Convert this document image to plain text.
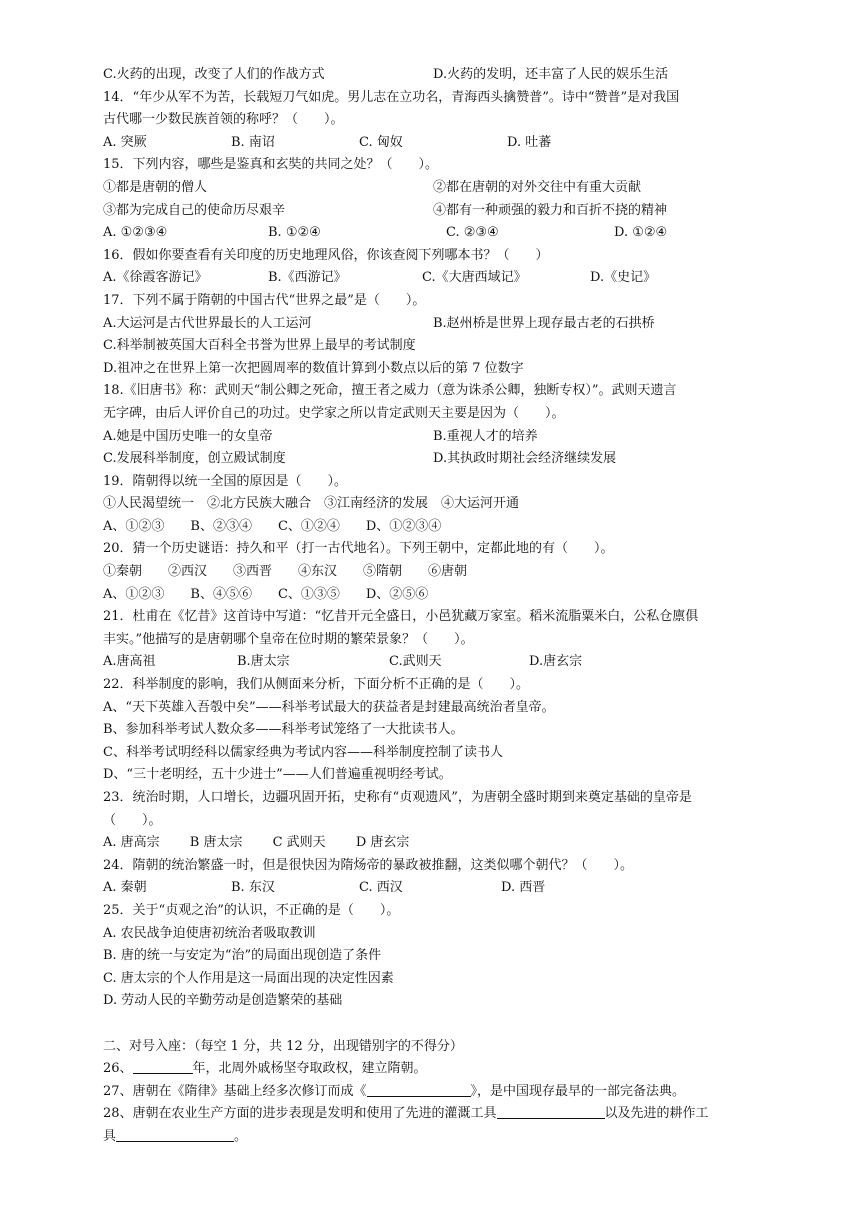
C.火药的出现，改变了人们的作战方式	D.火药的发明，还丰富了人民的娱乐生活
14．“年少从军不为苦，长载短刀气如虎。男儿志在立功名，青海西头擒赞普”。诗中“赞普”是对我国
古代哪一少数民族首领的称呼？（　　）。
A. 突厥	B. 南诏	C. 匈奴	D. 吐蕃
15．下列内容，哪些是鉴真和玄奘的共同之处？（　　）。
①都是唐朝的僧人	②都在唐朝的对外交往中有重大贡献
③都为完成自己的使命历尽艰辛	④都有一种顽强的毅力和百折不挠的精神
A. ①②③④	B. ①②④	C. ②③④	D. ①②④
16．假如你要查看有关印度的历史地理风俗，你该查阅下列哪本书？（　　）
A.《徐霞客游记》	B.《西游记》	C.《大唐西域记》	D.《史记》
17．下列不属于隋朝的中国古代“世界之最”是（　　）。
A.大运河是古代世界最长的人工运河	B.赵州桥是世界上现存最古老的石拱桥
C.科举制被英国大百科全书誉为世界上最早的考试制度
D.祖冲之在世界上第一次把圆周率的数值计算到小数点以后的第 7 位数字
18.《旧唐书》称：武则天“制公卿之死命，擅王者之威力（意为诛杀公卿，独断专权）”。武则天遗言
无字碑，由后人评价自己的功过。史学家之所以肯定武则天主要是因为（　　）。
A.她是中国历史唯一的女皇帝	B.重视人才的培养
C.发展科举制度，创立殿试制度	D.其执政时期社会经济继续发展
19．隋朝得以统一全国的原因是（　　）。
①人民渴望统一　②北方民族大融合　③江南经济的发展　④大运河开通
A、①②③　　B、②③④　　C、①②④　　D、①②③④
20．猜一个历史谜语：持久和平（打一古代地名）。下列王朝中，定都此地的有（　　）。
①秦朝　　②西汉　　③西晋　　④东汉　　⑤隋朝　　⑥唐朝
A、①②③　　B、④⑤⑥　　C、①③⑤　　D、②⑤⑥
21．杜甫在《忆昔》这首诗中写道：“忆昔开元全盛日，小邑犹藏万家室。稻米流脂粟米白，公私仓廪俱
丰实。”他描写的是唐朝哪个皇帝在位时期的繁荣景象？（　　）。
A.唐高祖	B.唐太宗	C.武则天	D.唐玄宗
22．科举制度的影响，我们从侧面来分析，下面分析不正确的是（　　）。
A、“天下英雄入吾彀中矣”——科举考试最大的获益者是封建最高统治者皇帝。
B、参加科举考试人数众多——科举考试笼络了一大批读书人。
C、科举考试明经科以儒家经典为考试内容——科举制度控制了读书人
D、“三十老明经，五十少进士”——人们普遍重视明经考试。
23．统治时期，人口增长，边疆巩固开拓，史称有“贞观遗风”，为唐朝全盛时期到来奠定基础的皇帝是
（　　）。
A. 唐高宗　　 B 唐太宗　　 C 武则天　　 D 唐玄宗
24．隋朝的统治繁盛一时，但是很快因为隋炀帝的暴政被推翻，这类似哪个朝代？（　　）。
A. 秦朝	B. 东汉	C. 西汉	D. 西晋
25．关于“贞观之治”的认识，不正确的是（　　）。
A. 农民战争迫使唐初统治者吸取教训
B. 唐的统一与安定为“治”的局面出现创造了条件
C. 唐太宗的个人作用是这一局面出现的决定性因素
D. 劳动人民的辛勤劳动是创造繁荣的基础
二、对号入座：（每空 1 分，共 12 分，出现错别字的不得分）
26、	年，北周外戚杨坚夺取政权，建立隋朝。
27、唐朝在《隋律》基础上经多次修订而成《	》，是中国现存最早的一部完备法典。
28、唐朝在农业生产方面的进步表现是发明和使用了先进的灌溉工具	以及先进的耕作工
具	。
